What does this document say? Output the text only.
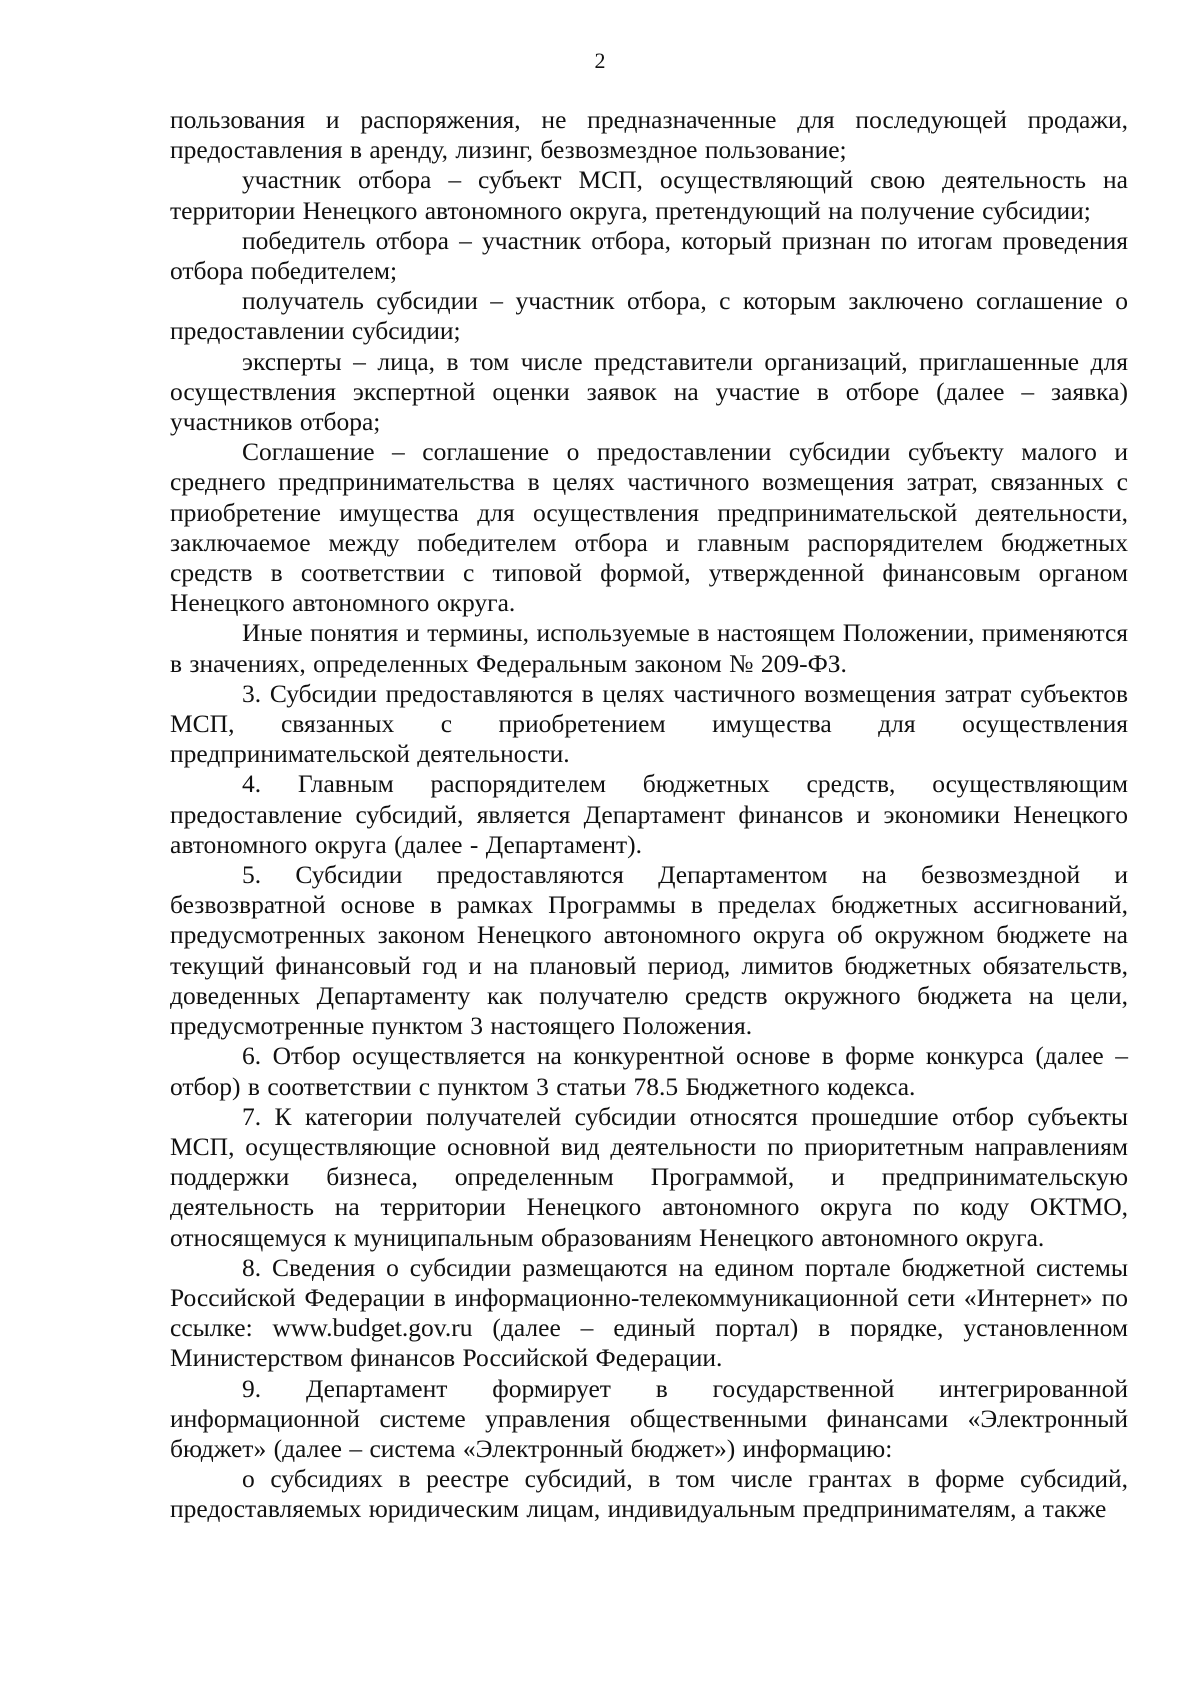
2

пользования и распоряжения, не предназначенные для последующей продажи, предоставления в аренду, лизинг, безвозмездное пользование;

участник отбора – субъект МСП, осуществляющий свою деятельность на территории Ненецкого автономного округа, претендующий на получение субсидии;

победитель отбора – участник отбора, который признан по итогам проведения отбора победителем;

получатель субсидии – участник отбора, с которым заключено соглашение о предоставлении субсидии;

эксперты – лица, в том числе представители организаций, приглашенные для осуществления экспертной оценки заявок на участие в отборе (далее – заявка) участников отбора;

Соглашение – соглашение о предоставлении субсидии субъекту малого и среднего предпринимательства в целях частичного возмещения затрат, связанных с приобретение имущества для осуществления предпринимательской деятельности, заключаемое между победителем отбора и главным распорядителем бюджетных средств в соответствии с типовой формой, утвержденной финансовым органом Ненецкого автономного округа.

Иные понятия и термины, используемые в настоящем Положении, применяются в значениях, определенных Федеральным законом № 209-ФЗ.

3. Субсидии предоставляются в целях частичного возмещения затрат субъектов МСП, связанных с приобретением имущества для осуществления предпринимательской деятельности.

4. Главным распорядителем бюджетных средств, осуществляющим предоставление субсидий, является Департамент финансов и экономики Ненецкого автономного округа (далее - Департамент).

5. Субсидии предоставляются Департаментом на безвозмездной и безвозвратной основе в рамках Программы в пределах бюджетных ассигнований, предусмотренных законом Ненецкого автономного округа об окружном бюджете на текущий финансовый год и на плановый период, лимитов бюджетных обязательств, доведенных Департаменту как получателю средств окружного бюджета на цели, предусмотренные пунктом 3 настоящего Положения.

6. Отбор осуществляется на конкурентной основе в форме конкурса (далее – отбор) в соответствии с пунктом 3 статьи 78.5 Бюджетного кодекса.

7. К категории получателей субсидии относятся прошедшие отбор субъекты МСП, осуществляющие основной вид деятельности по приоритетным направлениям поддержки бизнеса, определенным Программой, и предпринимательскую деятельность на территории Ненецкого автономного округа по коду ОКТМО, относящемуся к муниципальным образованиям Ненецкого автономного округа.

8. Сведения о субсидии размещаются на едином портале бюджетной системы Российской Федерации в информационно-телекоммуникационной сети «Интернет» по ссылке: www.budget.gov.ru (далее – единый портал) в порядке, установленном Министерством финансов Российской Федерации.

9. Департамент формирует в государственной интегрированной информационной системе управления общественными финансами «Электронный бюджет» (далее – система «Электронный бюджет») информацию:

о субсидиях в реестре субсидий, в том числе грантах в форме субсидий, предоставляемых юридическим лицам, индивидуальным предпринимателям, а также
